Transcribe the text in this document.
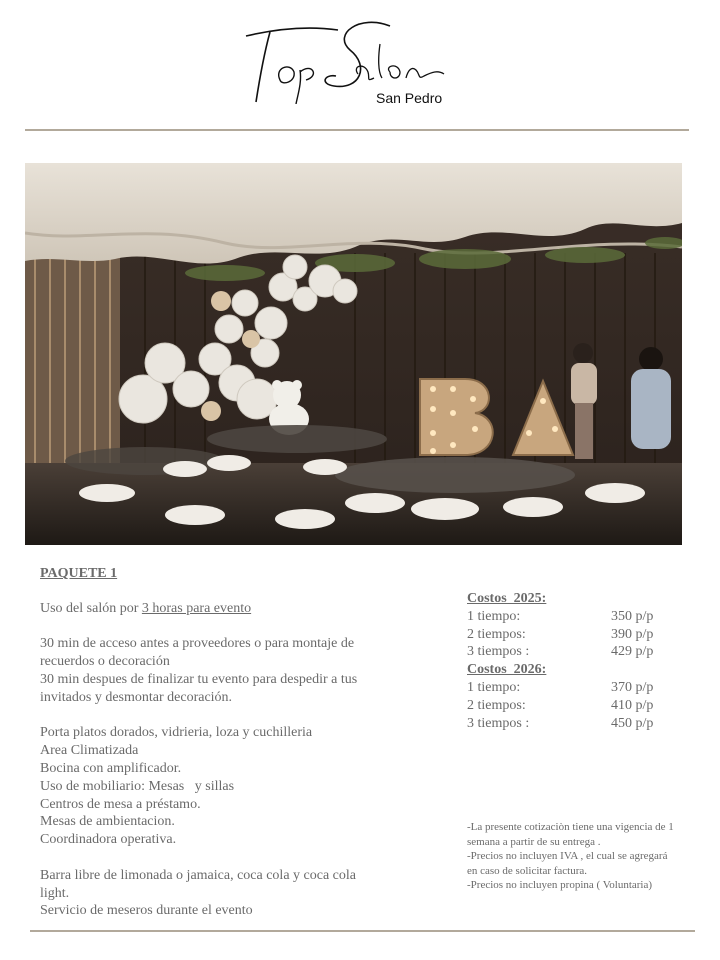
San Pedro
PAQUETE 1
Uso del salón por 3 horas para evento
30 min de acceso antes a proveedores o para montaje de
recuerdos o decoración
30 min despues de finalizar tu evento para despedir a tus
invitados y desmontar decoración.
Porta platos dorados, vidrieria, loza y cuchilleria
Area Climatizada
Bocina con amplificador.
Uso de mobiliario: Mesas   y sillas
Centros de mesa a préstamo.
Mesas de ambientacion.
Coordinadora operativa.
Barra libre de limonada o jamaica, coca cola y coca cola
light.
Servicio de meseros durante el evento
Costos  2025:
1 tiempo:	350 p/p
2 tiempos:	390 p/p
3 tiempos :	429 p/p
Costos  2026:
1 tiempo:	370 p/p
2 tiempos:	410 p/p
3 tiempos :	450 p/p
-La presente cotizaciòn tiene una vigencia de 1
semana a partir de su entrega .
-Precios no incluyen IVA , el cual se agregará
en caso de solicitar factura.
-Precios no incluyen propina ( Voluntaria)
